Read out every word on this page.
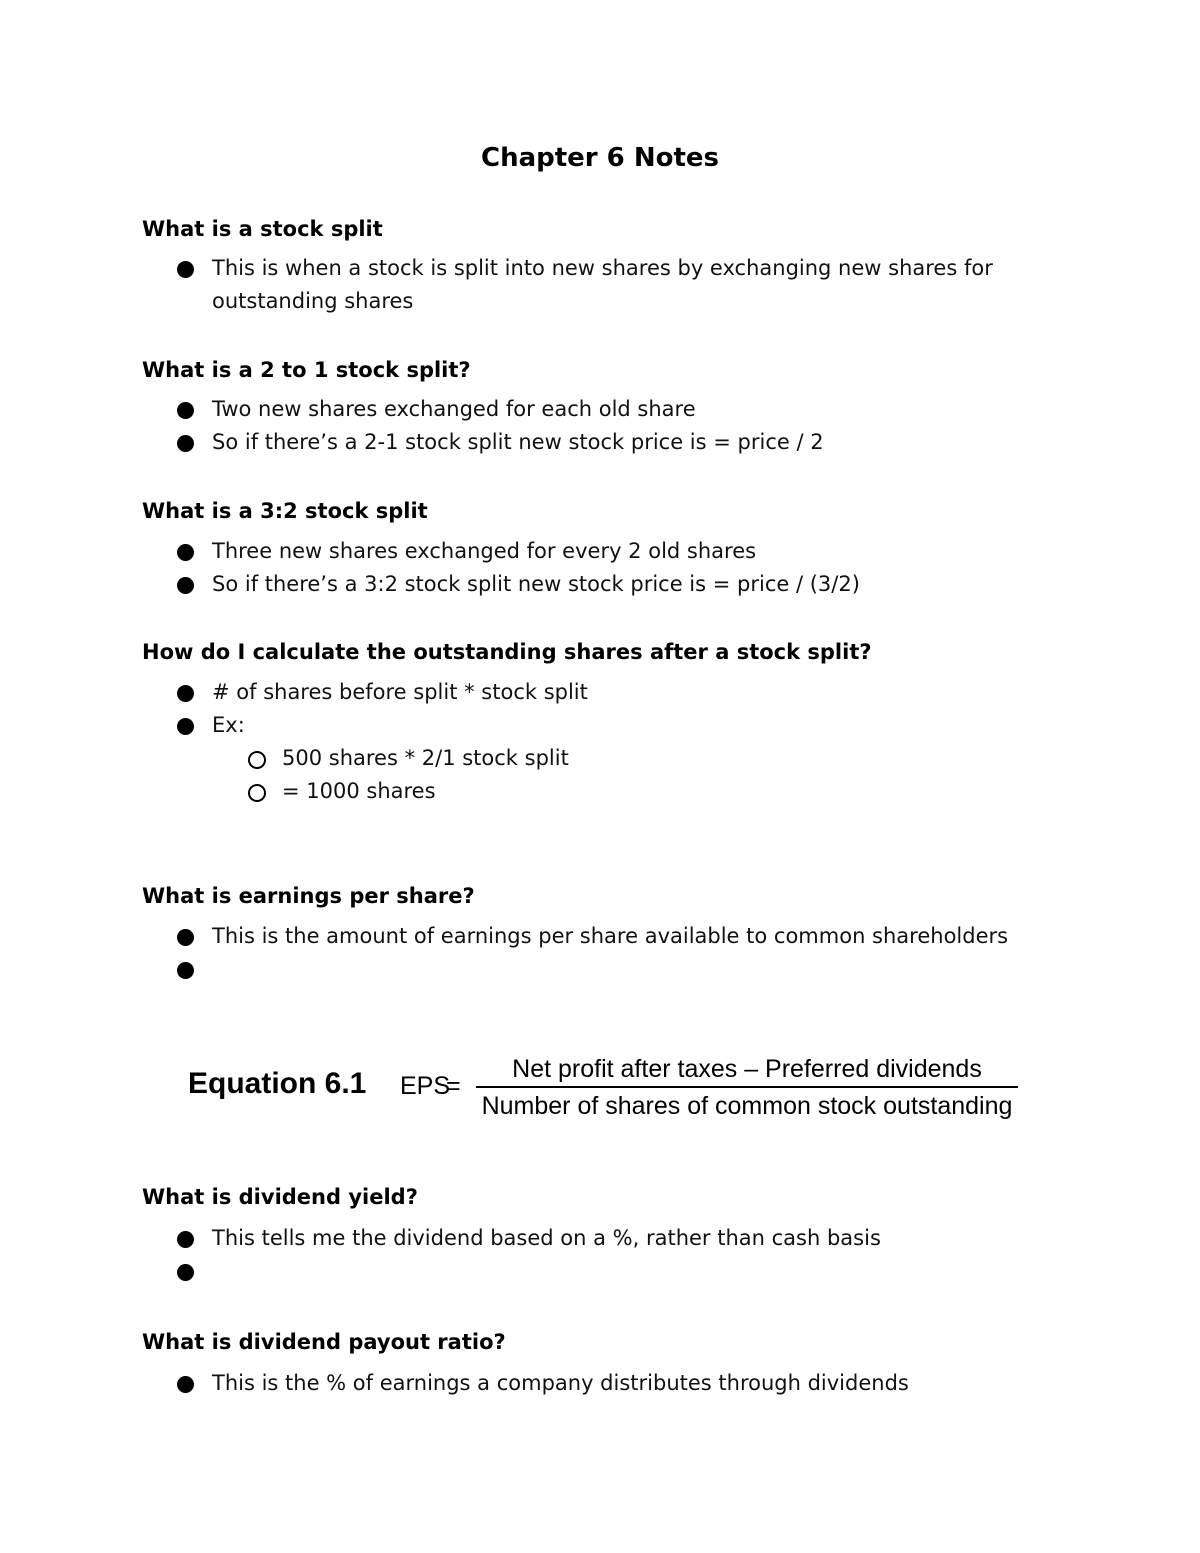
Chapter 6 Notes
What is a stock split
This is when a stock is split into new shares by exchanging new shares for outstanding shares
What is a 2 to 1 stock split?
Two new shares exchanged for each old share
So if there’s a 2-1 stock split new stock price is = price / 2
What is a 3:2 stock split
Three new shares exchanged for every 2 old shares
So if there’s a 3:2 stock split new stock price is = price / (3/2)
How do I calculate the outstanding shares after a stock split?
# of shares before split * stock split
Ex:
500 shares * 2/1 stock split
= 1000 shares
What is earnings per share?
This is the amount of earnings per share available to common shareholders
Equation 6.1 EPS
=
Net profit after taxes – Preferred dividends
Number of shares of common stock outstanding
What is dividend yield?
This tells me the dividend based on a %, rather than cash basis
What is dividend payout ratio?
This is the % of earnings a company distributes through dividends
